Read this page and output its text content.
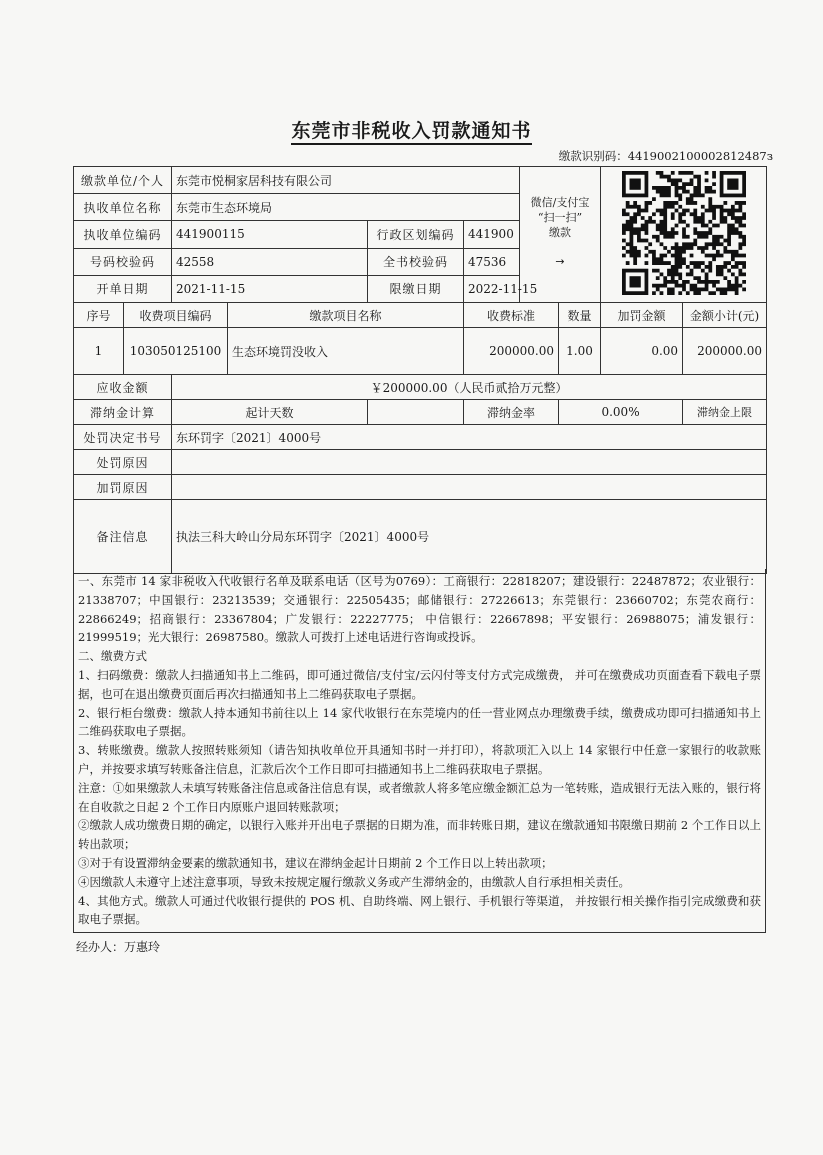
东莞市非税收入罚款通知书
缴款识别码：4419002100002812487з
缴款单位/个人		东莞市悦桐家居科技有限公司				微信/支付宝
“扫一扫”
缴款
→

执收单位名称		东莞市生态环境局							
执收单位编码		441900115		行政区划编码	441900				
号码校验码		42558		全书校验码	47536				
开单日期		2021-11-15		限缴日期	2022-11-15				
序号	收费项目编码		缴款项目名称		收费标准		数量	加罚金额	金额小计(元)
1	103050125100		生态环境罚没收入		200000.00		1.00	0.00	200000.00
应收金额		￥200000.00（人民币贰拾万元整）							
滞纳金计算		起计天数			滞纳金率		0.00%		滞纳金上限
处罚决定书号		东环罚字〔2021〕4000号							
处罚原因									
加罚原因									
备注信息		执法三科大岭山分局东环罚字〔2021〕4000号							

一、东莞市 14 家非税收入代收银行名单及联系电话（区号为0769）：工商银行：22818207；建设银行：22487872；农业银行：21338707；中国银行：23213539；交通银行：22505435；邮储银行：27226613；东莞银行：23660702；东莞农商行：22866249；招商银行：23367804；广发银行：22227775； 中信银行：22667898；平安银行：26988075；浦发银行：21999519；光大银行：26987580。缴款人可拨打上述电话进行咨询或投诉。

二、缴费方式

1、扫码缴费：缴款人扫描通知书上二维码，即可通过微信/支付宝/云闪付等支付方式完成缴费， 并可在缴费成功页面查看下载电子票据，也可在退出缴费页面后再次扫描通知书上二维码获取电子票据。

2、银行柜台缴费：缴款人持本通知书前往以上 14 家代收银行在东莞境内的任一营业网点办理缴费手续，缴费成功即可扫描通知书上二维码获取电子票据。

3、转账缴费。缴款人按照转账须知（请告知执收单位开具通知书时一并打印），将款项汇入以上 14 家银行中任意一家银行的收款账户，并按要求填写转账备注信息，汇款后次个工作日即可扫描通知书上二维码获取电子票据。

注意：①如果缴款人未填写转账备注信息或备注信息有误，或者缴款人将多笔应缴金额汇总为一笔转账，造成银行无法入账的，银行将在自收款之日起 2 个工作日内原账户退回转账款项；

②缴款人成功缴费日期的确定，以银行入账并开出电子票据的日期为准，而非转账日期，建议在缴款通知书限缴日期前 2 个工作日以上转出款项；

③对于有设置滞纳金要素的缴款通知书，建议在滞纳金起计日期前 2 个工作日以上转出款项；

④因缴款人未遵守上述注意事项，导致未按规定履行缴款义务或产生滞纳金的，由缴款人自行承担相关责任。

4、其他方式。缴款人可通过代收银行提供的 POS 机、自助终端、网上银行、手机银行等渠道， 并按银行相关操作指引完成缴费和获取电子票据。

经办人：万惠玲
